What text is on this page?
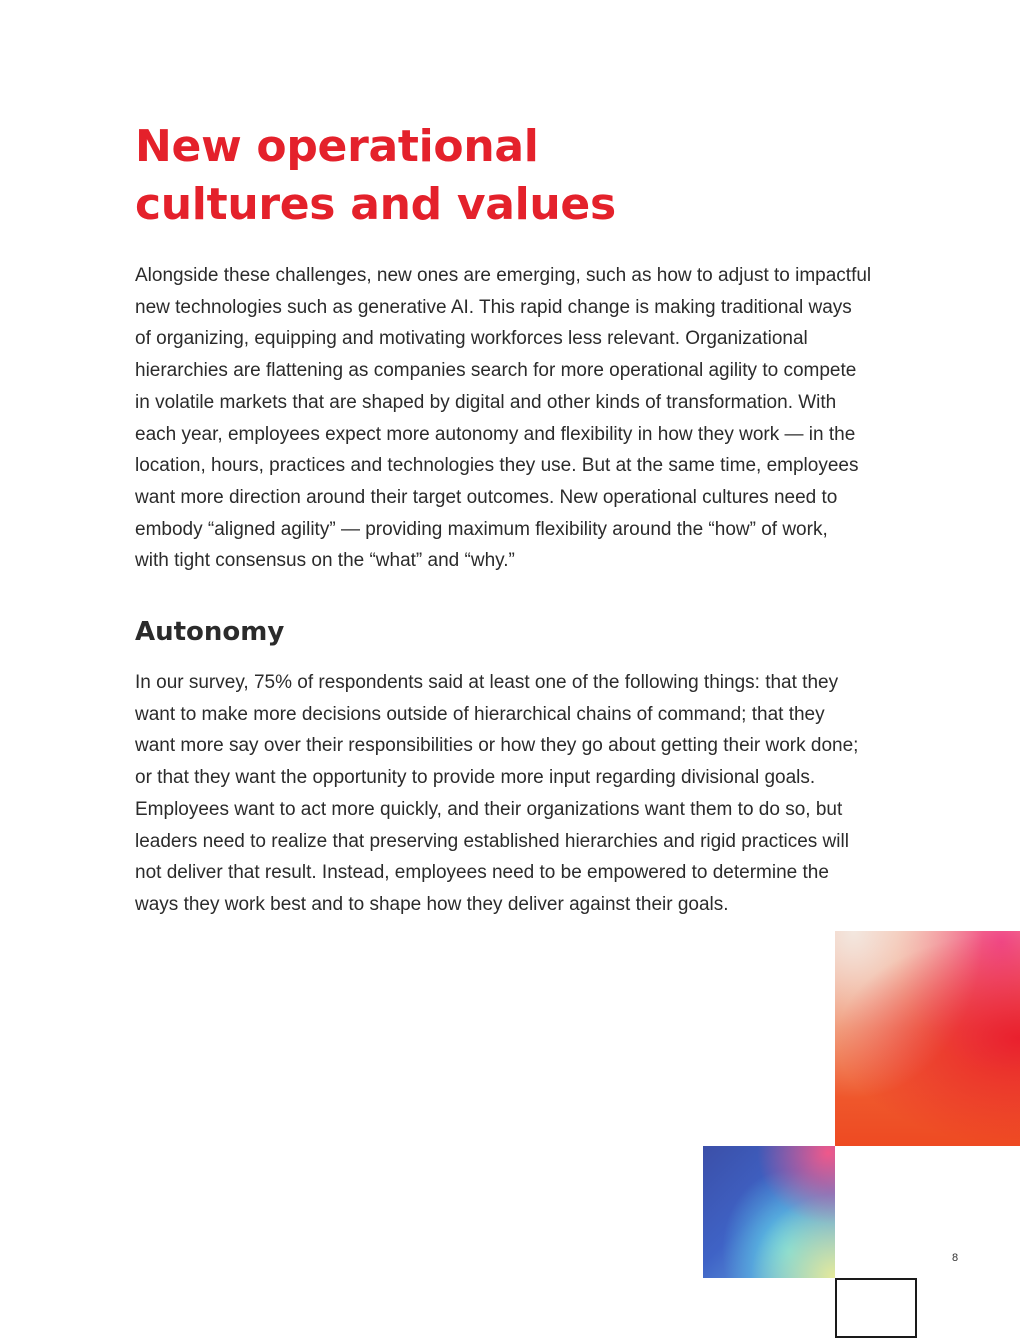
New operational
cultures and values
Alongside these challenges, new ones are emerging, such as how to adjust to impactful
new technologies such as generative AI. This rapid change is making traditional ways
of organizing, equipping and motivating workforces less relevant. Organizational
hierarchies are flattening as companies search for more operational agility to compete
in volatile markets that are shaped by digital and other kinds of transformation. With
each year, employees expect more autonomy and flexibility in how they work — in the
location, hours, practices and technologies they use. But at the same time, employees
want more direction around their target outcomes. New operational cultures need to
embody “aligned agility” — providing maximum flexibility around the “how” of work,
with tight consensus on the “what” and “why.”
Autonomy
In our survey, 75% of respondents said at least one of the following things: that they
want to make more decisions outside of hierarchical chains of command; that they
want more say over their responsibilities or how they go about getting their work done;
or that they want the opportunity to provide more input regarding divisional goals.
Employees want to act more quickly, and their organizations want them to do so, but
leaders need to realize that preserving established hierarchies and rigid practices will
not deliver that result. Instead, employees need to be empowered to determine the
ways they work best and to shape how they deliver against their goals.
8
